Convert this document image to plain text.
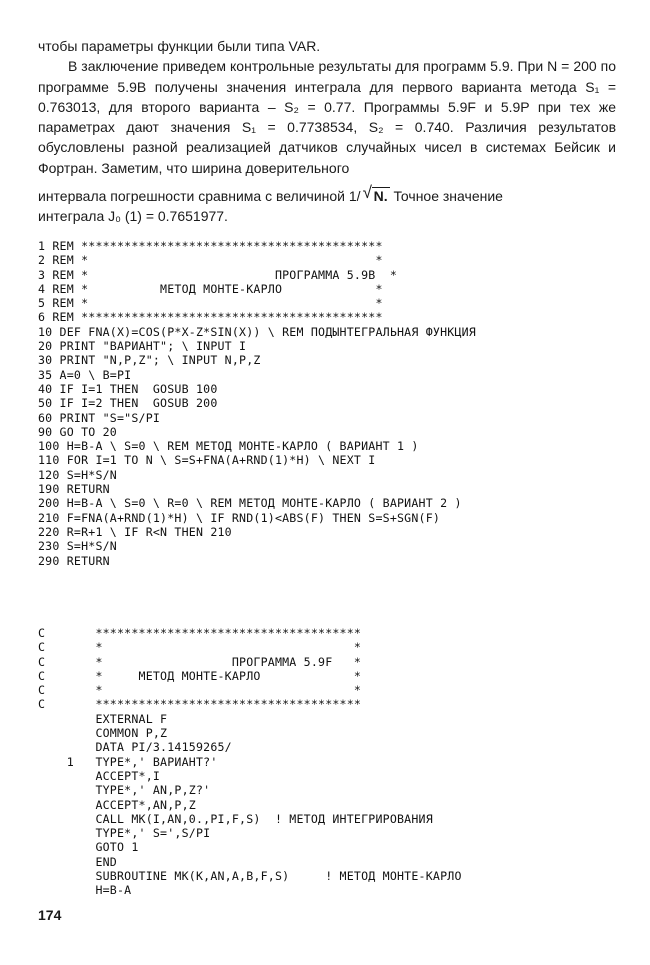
чтобы параметры функции были типа VAR.

В заключение приведем контрольные результаты для программ 5.9. При N = 200 по программе 5.9B получены значения интеграла для первого варианта метода S₁ = 0.763013, для второго варианта – S₂ = 0.77. Программы 5.9F и 5.9P при тех же параметрах дают значения S₁ = 0.7738534, S₂ = 0.740. Различия результатов обусловлены разной реализацией датчиков случайных чисел в системах Бейсик и Фортран. Заметим, что ширина доверительного

интервала погрешности сравнима с величиной 1/ √ N. Точное значение

интеграла J₀ (1) = 0.7651977.

1 REM ******************************************
2 REM *                                        *
3 REM *                          ПРОГРАММА 5.9B  *
4 REM *          МЕТОД МОНТЕ-КАРЛО             *
5 REM *                                        *
6 REM ******************************************
10 DEF FNA(X)=COS(P*X-Z*SIN(X)) \ REM ПОДЫНТЕГРАЛЬНАЯ ФУНКЦИЯ
20 PRINT "ВАРИАНТ"; \ INPUT I
30 PRINT "N,P,Z"; \ INPUT N,P,Z
35 A=0 \ B=PI
40 IF I=1 THEN  GOSUB 100
50 IF I=2 THEN  GOSUB 200
60 PRINT "S="S/PI
90 GO TO 20
100 H=B-A \ S=0 \ REM МЕТОД МОНТЕ-КАРЛО ( ВАРИАНТ 1 )
110 FOR I=1 TO N \ S=S+FNA(A+RND(1)*H) \ NEXT I
120 S=H*S/N
190 RETURN
200 H=B-A \ S=0 \ R=0 \ REM МЕТОД МОНТЕ-КАРЛО ( ВАРИАНТ 2 )
210 F=FNA(A+RND(1)*H) \ IF RND(1)<ABS(F) THEN S=S+SGN(F)
220 R=R+1 \ IF R<N THEN 210
230 S=H*S/N
290 RETURN
C       *************************************
C       *                                   *
C       *                  ПРОГРАММА 5.9F   *
C       *     МЕТОД МОНТЕ-КАРЛО             *
C       *                                   *
C       *************************************
EXTERNAL F
COMMON P,Z
DATA PI/3.14159265/
1   TYPE*,' ВАРИАНТ?'
ACCEPT*,I
TYPE*,' AN,P,Z?'
ACCEPT*,AN,P,Z
CALL MK(I,AN,0.,PI,F,S)  ! МЕТОД ИНТЕГРИРОВАНИЯ
TYPE*,' S=',S/PI
GOTO 1
END
SUBROUTINE MK(K,AN,A,B,F,S)     ! МЕТОД МОНТЕ-КАРЛО
H=B-A
174
